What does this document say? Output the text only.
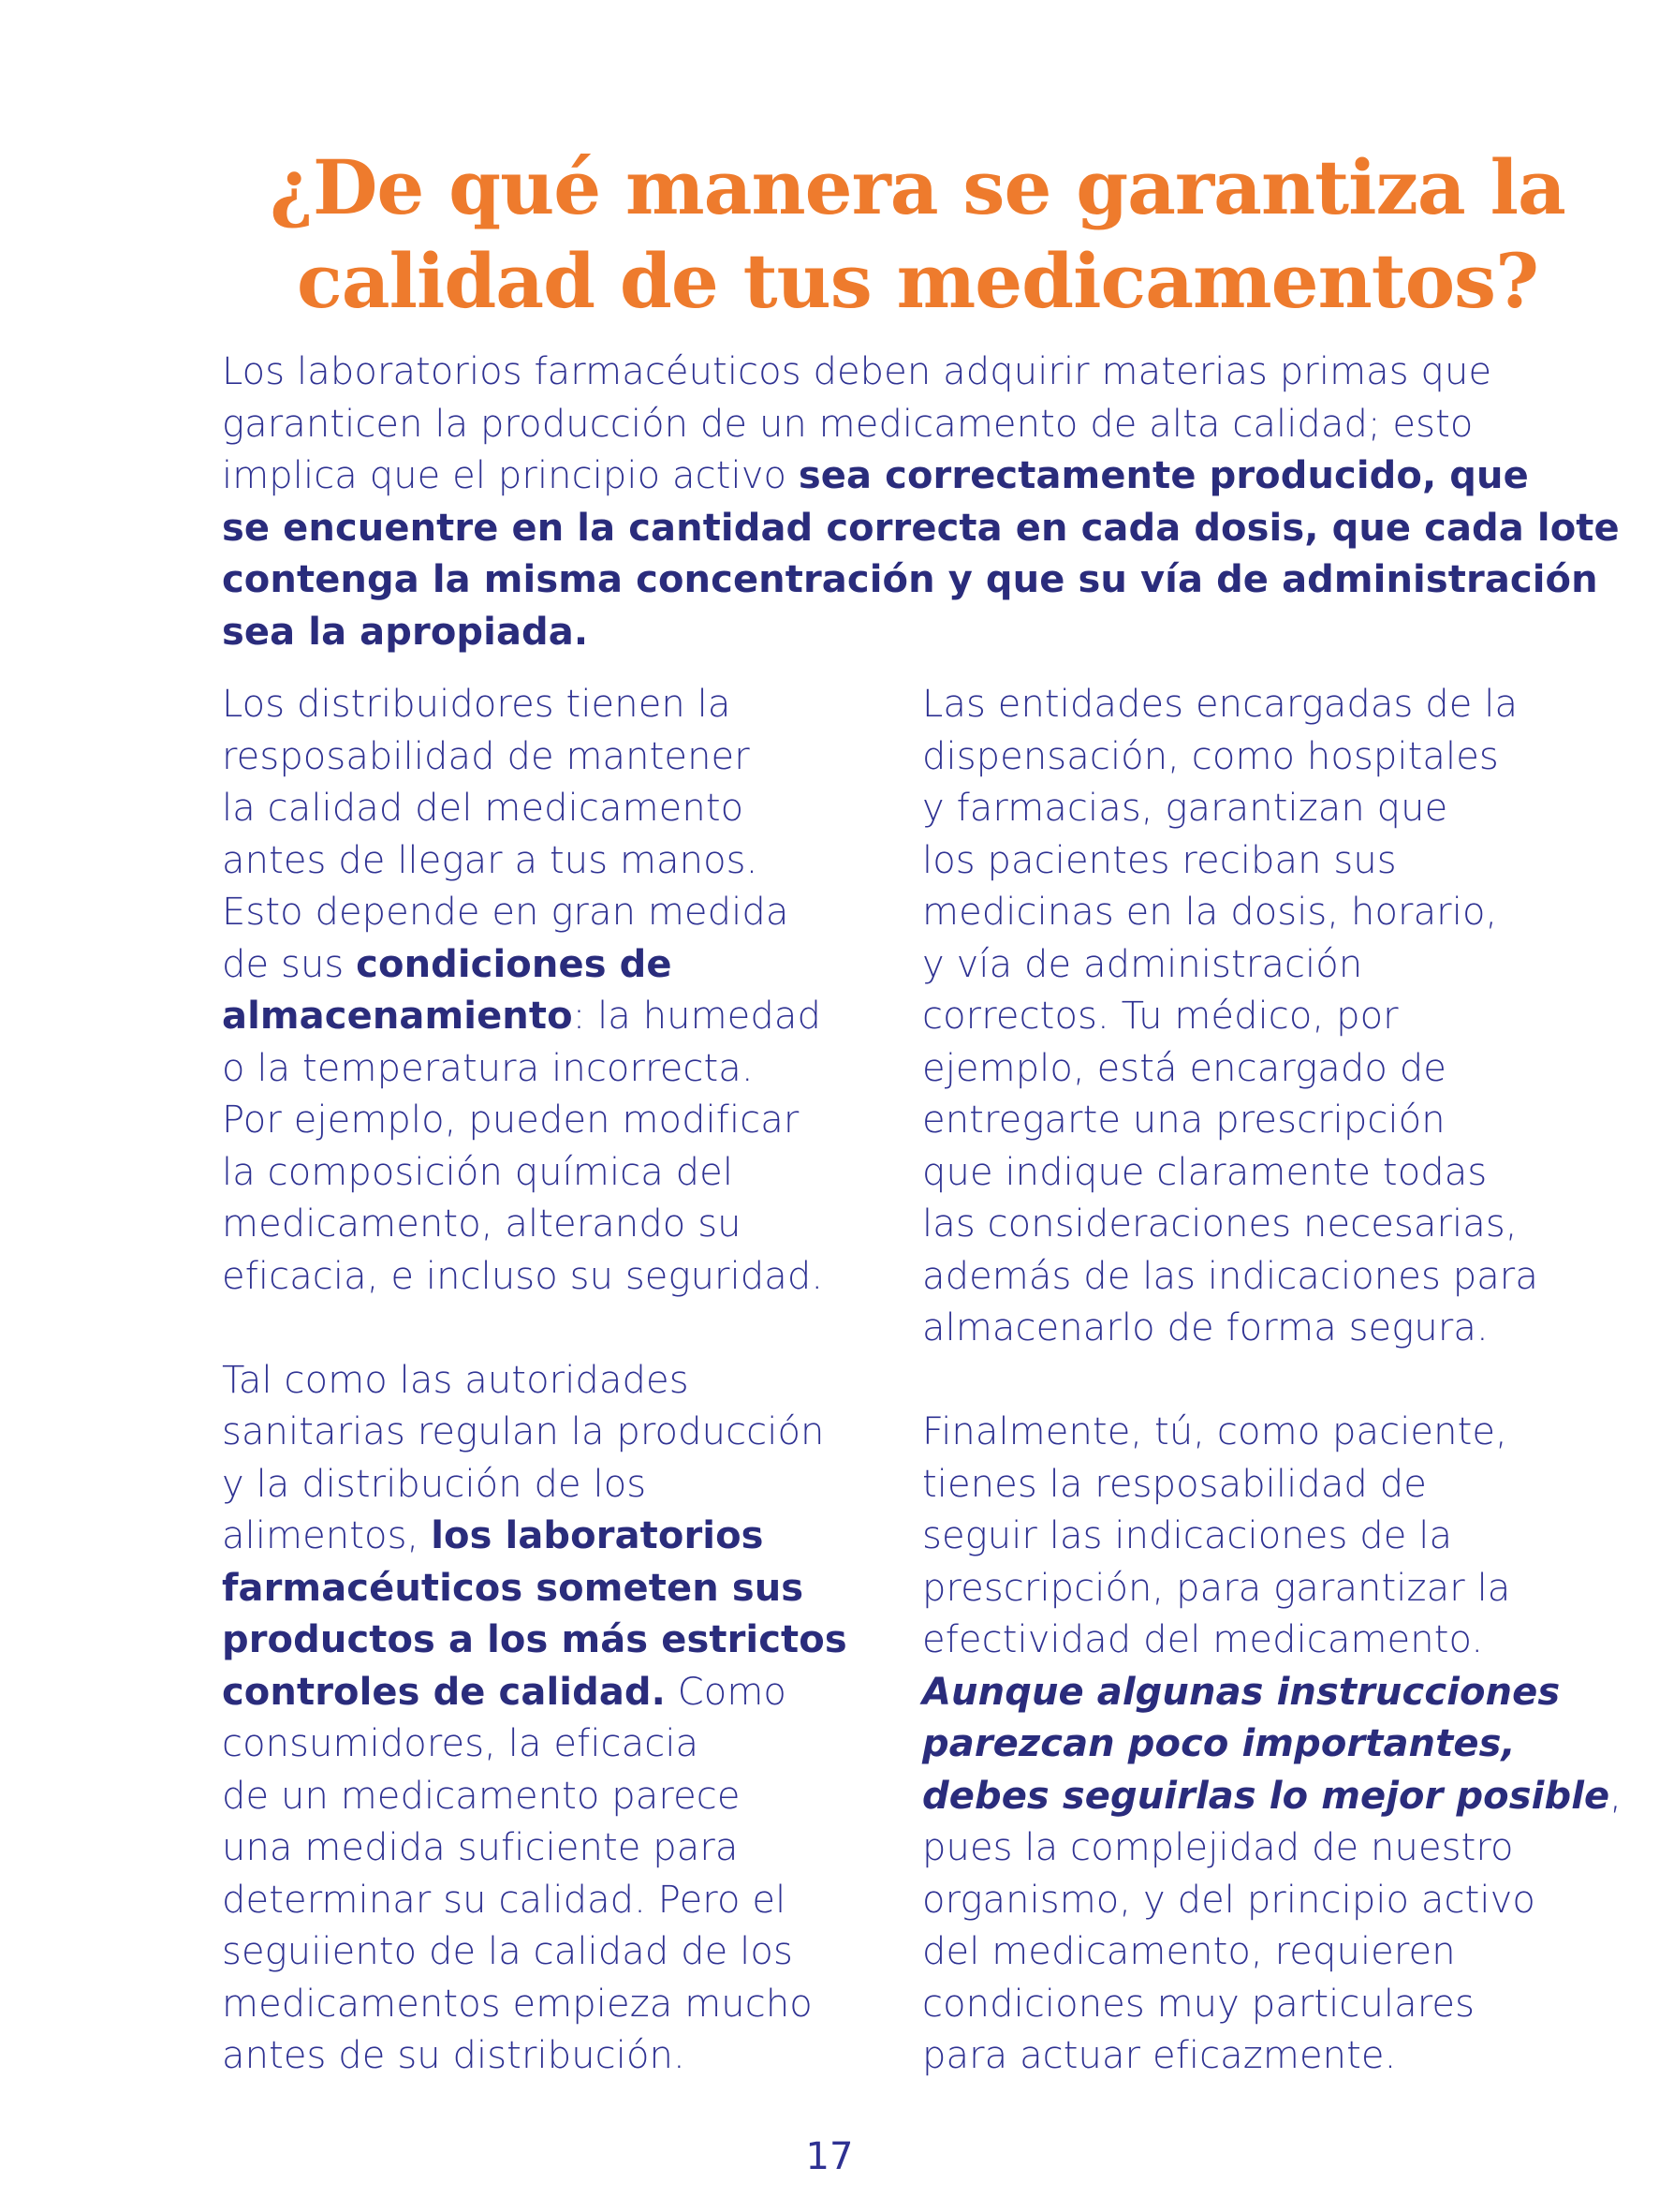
¿De qué manera se garantiza la
calidad de tus medicamentos?
Los laboratorios farmacéuticos deben adquirir materias primas que
garanticen la producción de un medicamento de alta calidad; esto
implica que el principio activo sea correctamente producido, que
se encuentre en la cantidad correcta en cada dosis, que cada lote
contenga la misma concentración y que su vía de administración
sea la apropiada.
Los distribuidores tienen la
resposabilidad de mantener
la calidad del medicamento
antes de llegar a tus manos.
Esto depende en gran medida
de sus condiciones de
almacenamiento: la humedad
o la temperatura incorrecta.
Por ejemplo, pueden modificar
la composición química del
medicamento, alterando su
eficacia, e incluso su seguridad.
Tal como las autoridades
sanitarias regulan la producción
y la distribución de los
alimentos, los laboratorios
farmacéuticos someten sus
productos a los más estrictos
controles de calidad. Como
consumidores, la eficacia
de un medicamento parece
una medida suficiente para
determinar su calidad. Pero el
seguiiento de la calidad de los
medicamentos empieza mucho
antes de su distribución.
Las entidades encargadas de la
dispensación, como hospitales
y farmacias, garantizan que
los pacientes reciban sus
medicinas en la dosis, horario,
y vía de administración
correctos. Tu médico, por
ejemplo, está encargado de
entregarte una prescripción
que indique claramente todas
las consideraciones necesarias,
además de las indicaciones para
almacenarlo de forma segura.
Finalmente, tú, como paciente,
tienes la resposabilidad de
seguir las indicaciones de la
prescripción, para garantizar la
efectividad del medicamento.
Aunque algunas instrucciones
parezcan poco importantes,
debes seguirlas lo mejor posible,
pues la complejidad de nuestro
organismo, y del principio activo
del medicamento, requieren
condiciones muy particulares
para actuar eficazmente.
17
